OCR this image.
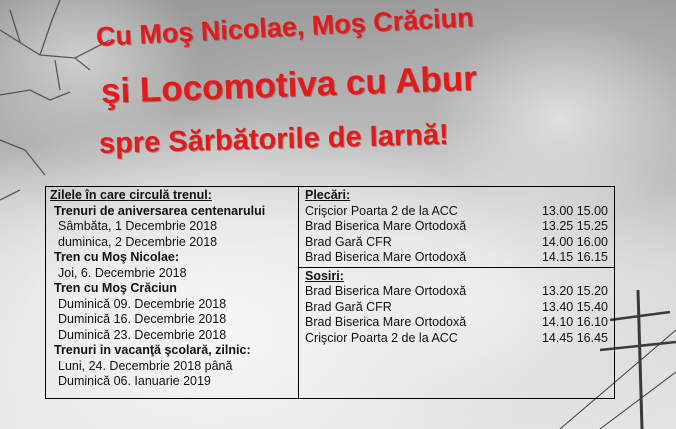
Cu Moş Nicolae, Moş Crăciun
şi Locomotiva cu Abur
spre Sărbătorile de Iarnă!
Zilele în care circulă trenul:
Trenuri de aniversarea centenarului
Sâmbăta, 1 Decembrie 2018
duminica, 2 Decembrie 2018
Tren cu Moş Nicolae:
Joi, 6. Decembrie 2018
Tren cu Moş Crăciun
Duminică 09. Decembrie 2018
Duminică 16. Decembrie 2018
Duminică 23. Decembrie 2018
Trenuri in vacanţă şcolară, zilnic:
Luni, 24. Decembrie 2018 până
Duminică 06. Ianuarie 2019
Plecări:
Crişcior Poarta 2 de la ACC	13.00 15.00
Brad Biserica Mare Ortodoxă	13.25 15.25
Brad Gară CFR	14.00 16.00
Brad Biserica Mare Ortodoxă	14.15 16.15
Sosiri:
Brad Biserica Mare Ortodoxă	13.20 15.20
Brad Gară CFR	13.40 15.40
Brad Biserica Mare Ortodoxă	14.10 16.10
Crişcior Poarta 2 de la ACC	14.45 16.45
